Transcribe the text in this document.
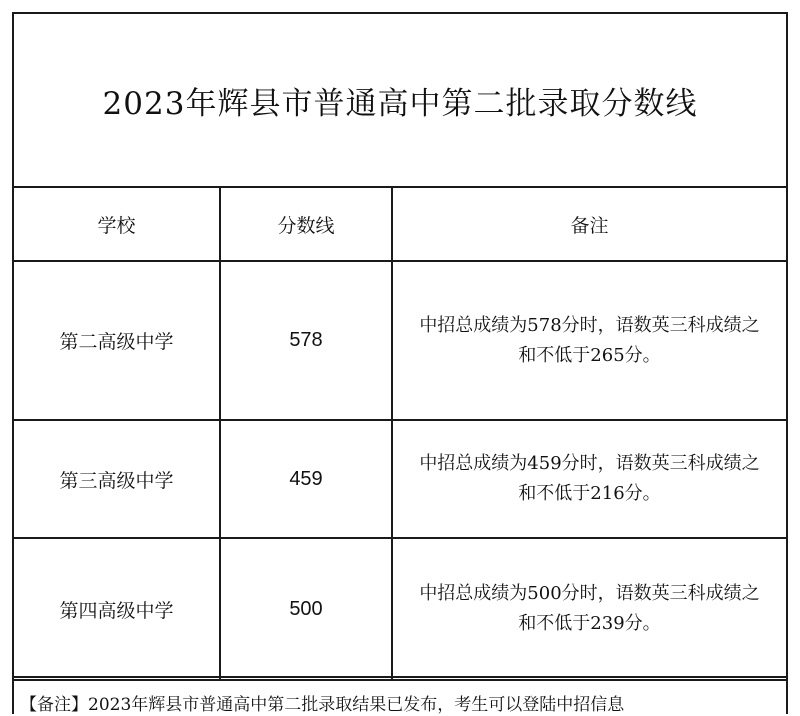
2023年辉县市普通高中第二批录取分数线
学校	分数线	备注
第二高级中学	578	中招总成绩为578分时，语数英三科成绩之
和不低于265分。

第三高级中学	459	中招总成绩为459分时，语数英三科成绩之
和不低于216分。

第四高级中学	500	中招总成绩为500分时，语数英三科成绩之
和不低于239分。
【备注】2023年辉县市普通高中第二批录取结果已发布，考生可以登陆中招信息
